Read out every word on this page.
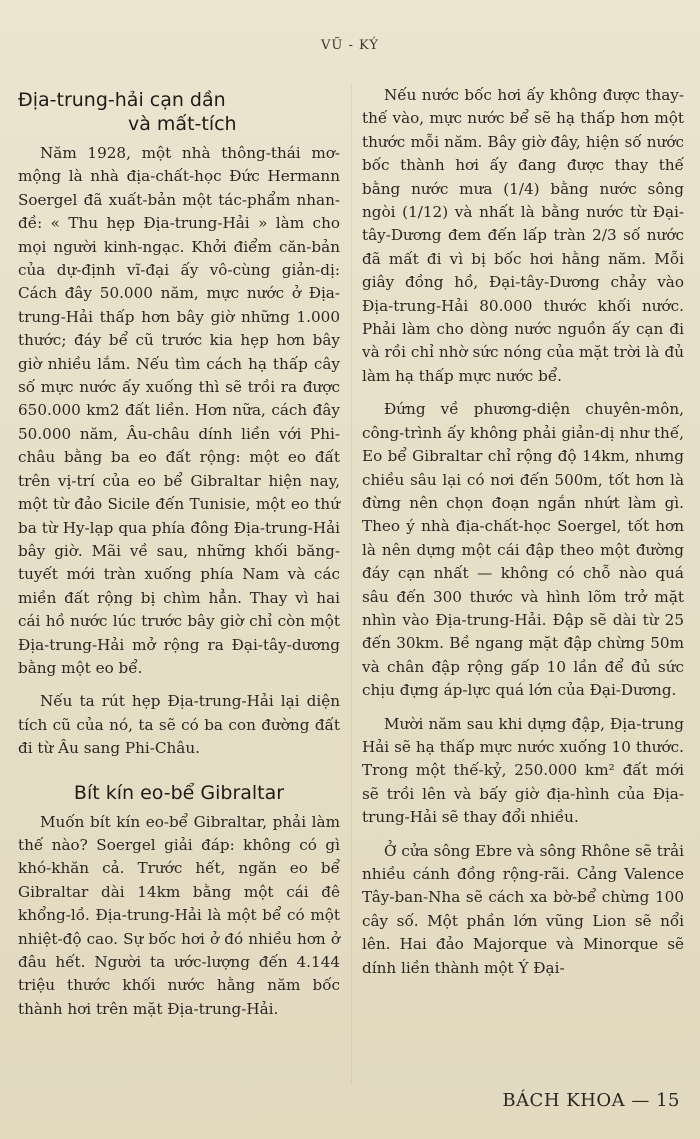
VŨ - KÝ
Địa-trung-hải cạn dần
và mất-tích

Năm 1928, một nhà thông-thái mơ-mộng là nhà địa-chất-học Đức Hermann Soergel đã xuất-bản một tác-phẩm nhan-đề: « Thu hẹp Địa-trung-Hải » làm cho mọi người kinh-ngạc. Khởi điểm căn-bản của dự-định vĩ-đại ấy vô-cùng giản-dị: Cách đây 50.000 năm, mực nước ở Địa-trung-Hải thấp hơn bây giờ những 1.000 thước; đáy bể cũ trước kia hẹp hơn bây giờ nhiều lắm. Nếu tìm cách hạ thấp cây số mực nước ấy xuống thì sẽ trồi ra được 650.000 km2 đất liền. Hơn nữa, cách đây 50.000 năm, Âu-châu dính liền với Phi-châu bằng ba eo đất rộng: một eo đất trên vị-trí của eo bể Gibraltar hiện nay, một từ đảo Sicile đến Tunisie, một eo thứ ba từ Hy-lạp qua phía đông Địa-trung-Hải bây giờ. Mãi về sau, những khối băng-tuyết mới tràn xuống phía Nam và các miền đất rộng bị chìm hẳn. Thay vì hai cái hồ nước lúc trước bây giờ chỉ còn một Địa-trung-Hải mở rộng ra Đại-tây-dương bằng một eo bể.

Nếu ta rút hẹp Địa-trung-Hải lại diện tích cũ của nó, ta sẽ có ba con đường đất đi từ Âu sang Phi-Châu.

Bít kín eo-bể Gibraltar

Muốn bít kín eo-bể Gibraltar, phải làm thế nào? Soergel giải đáp: không có gì khó-khăn cả. Trước hết, ngăn eo bể Gibraltar dài 14km bằng một cái đê khổng-lồ. Địa-trung-Hải là một bể có một nhiệt-độ cao. Sự bốc hơi ở đó nhiều hơn ở đâu hết. Người ta ước-lượng đến 4.144 triệu thước khối nước hằng năm bốc thành hơi trên mặt Địa-trung-Hải.

Nếu nước bốc hơi ấy không được thay-thế vào, mực nước bể sẽ hạ thấp hơn một thước mỗi năm. Bây giờ đây, hiện số nước bốc thành hơi ấy đang được thay thế bằng nước mưa (1/4) bằng nước sông ngòi (1/12) và nhất là bằng nước từ Đại-tây-Dương đem đến lấp tràn 2/3 số nước đã mất đi vì bị bốc hơi hằng năm. Mỗi giây đồng hồ, Đại-tây-Dương chảy vào Địa-trung-Hải 80.000 thước khối nước. Phải làm cho dòng nước nguồn ấy cạn đi và rồi chỉ nhờ sức nóng của mặt trời là đủ làm hạ thấp mực nước bể.

Đứng về phương-diện chuyên-môn, công-trình ấy không phải giản-dị như thế, Eo bể Gibraltar chỉ rộng độ 14km, nhưng chiều sâu lại có nơi đến 500m, tốt hơn là đừng nên chọn đoạn ngắn nhứt làm gì. Theo ý nhà địa-chất-học Soergel, tốt hơn là nên dựng một cái đập theo một đường đáy cạn nhất — không có chỗ nào quá sâu đến 300 thước và hình lõm trở mặt nhìn vào Địa-trung-Hải. Đập sẽ dài từ 25 đến 30km. Bề ngang mặt đập chừng 50m và chân đập rộng gấp 10 lần để đủ sức chịu đựng áp-lực quá lớn của Đại-Dương.

Mười năm sau khi dựng đập, Địa-trung Hải sẽ hạ thấp mực nước xuống 10 thước. Trong một thế-kỷ, 250.000 km² đất mới sẽ trồi lên và bấy giờ địa-hình của Địa-trung-Hải sẽ thay đổi nhiều.

Ở cửa sông Ebre và sông Rhône sẽ trải nhiều cánh đồng rộng-rãi. Cảng Valence Tây-ban-Nha sẽ cách xa bờ-bể chừng 100 cây số. Một phần lớn vũng Lion sẽ nổi lên. Hai đảo Majorque và Minorque sẽ dính liền thành một Ý Đại-

BÁCH KHOA — 15
